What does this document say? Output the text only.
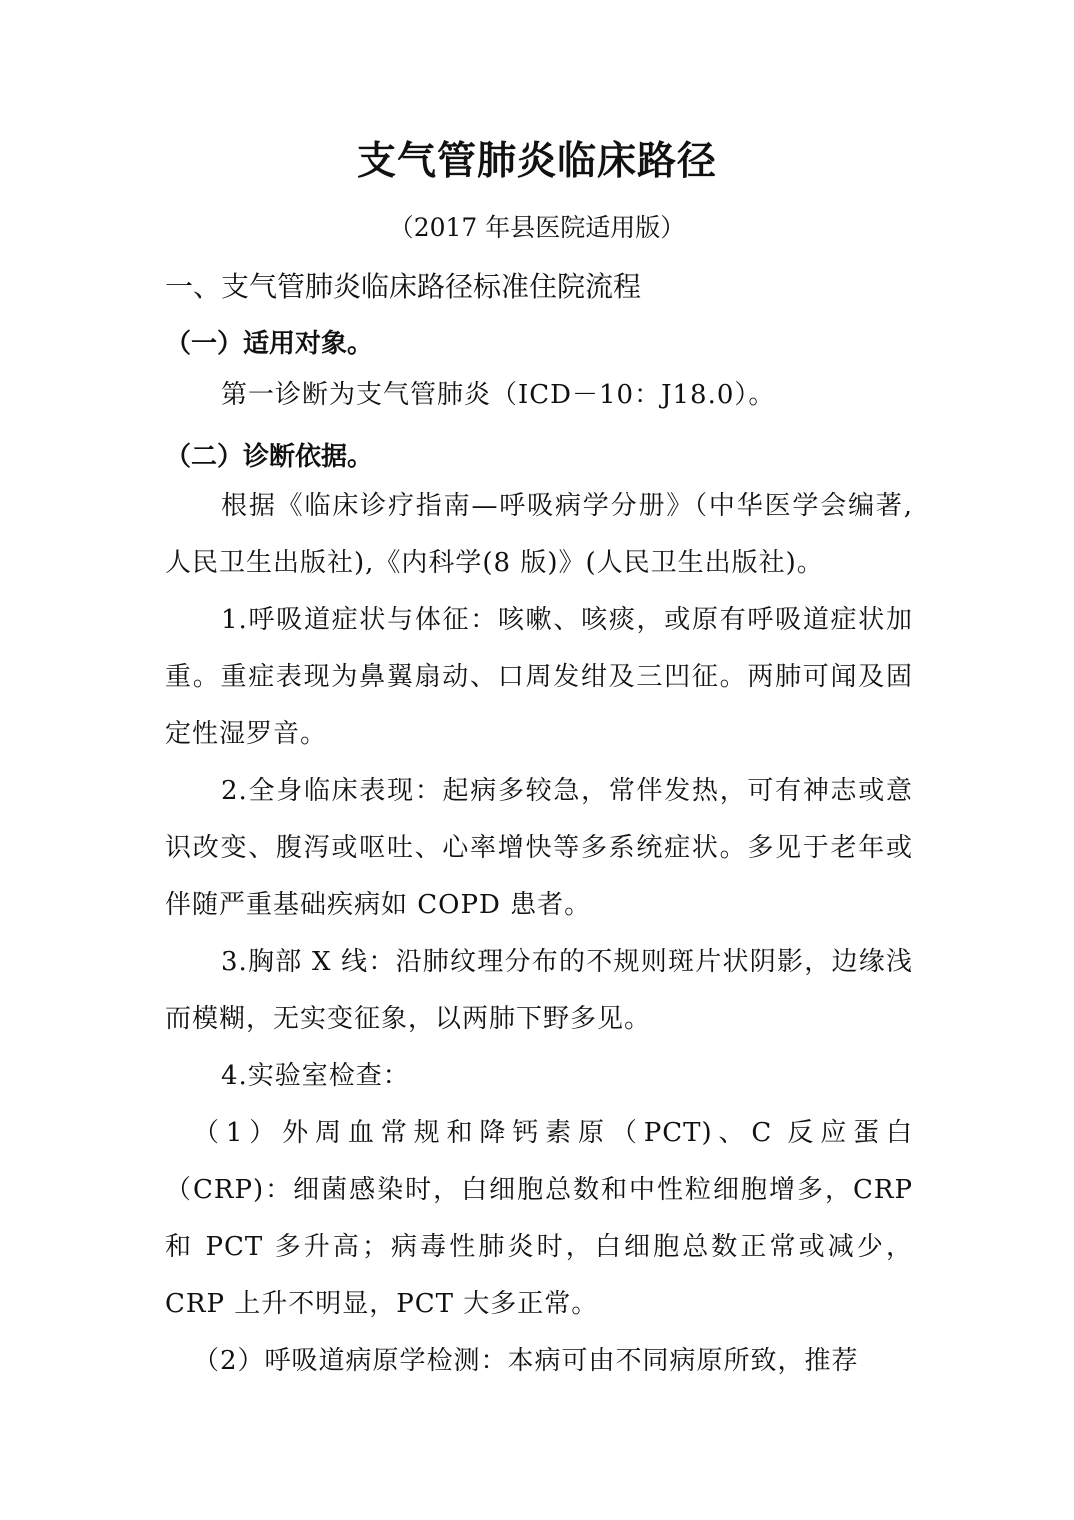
支气管肺炎临床路径
（2017 年县医院适用版）
一、支气管肺炎临床路径标准住院流程
（一）适用对象。

第一诊断为支气管肺炎（ICD－10：J18.0）。

（二）诊断依据。

根据《临床诊疗指南—呼吸病学分册》（中华医学会编著,人民卫生出版社),《内科学(8 版)》(人民卫生出版社)。

1.呼吸道症状与体征：咳嗽、咳痰，或原有呼吸道症状加重。重症表现为鼻翼扇动、口周发绀及三凹征。两肺可闻及固定性湿罗音。

2.全身临床表现：起病多较急，常伴发热，可有神志或意识改变、腹泻或呕吐、心率增快等多系统症状。多见于老年或伴随严重基础疾病如 COPD 患者。

3.胸部 X 线：沿肺纹理分布的不规则斑片状阴影，边缘浅而模糊，无实变征象，以两肺下野多见。

4.实验室检查：

（1）外周血常规和降钙素原（PCT)、C 反应蛋白（CRP)：细菌感染时，白细胞总数和中性粒细胞增多，CRP 和 PCT 多升高；病毒性肺炎时，白细胞总数正常或减少，CRP 上升不明显，PCT 大多正常。

（2）呼吸道病原学检测：本病可由不同病原所致，推荐
